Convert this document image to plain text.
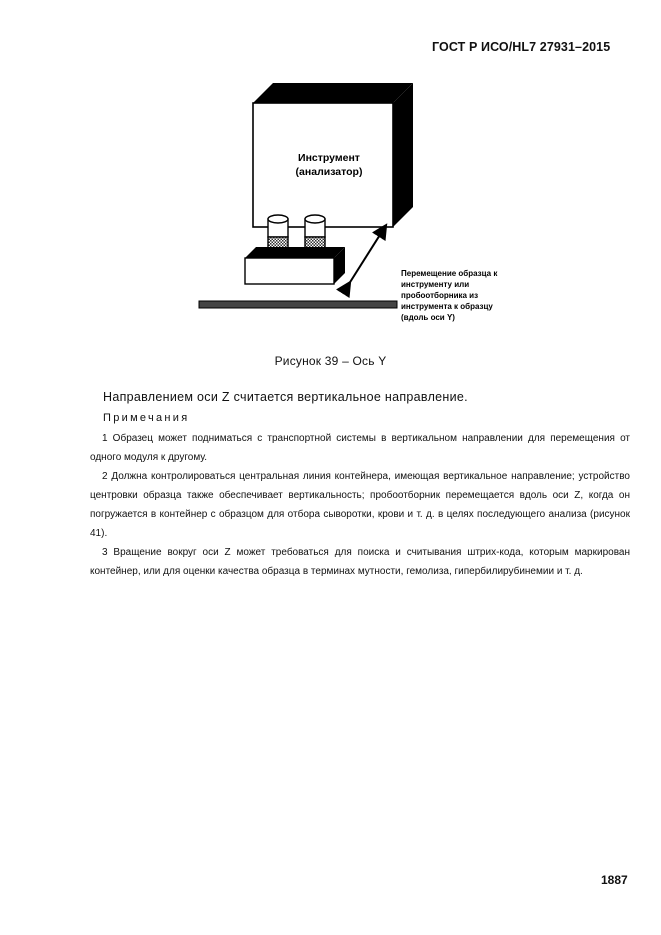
ГОСТ Р ИСО/HL7 27931–2015
Инструмент
(анализатор)
Перемещение образца к
инструменту или
пробоотборника из
инструмента к образцу
(вдоль оси Y)
Рисунок 39 – Ось Y
Направлением оси Z считается вертикальное направление.
Примечания

1 Образец может подниматься с транспортной системы в вертикальном направлении для перемещения от одного модуля к другому.

2 Должна контролироваться центральная линия контейнера, имеющая вертикальное направление; устройство центровки образца также обеспечивает вертикальность; пробоотборник перемещается вдоль оси Z, когда он погружается в контейнер с образцом для отбора сыворотки, крови и т. д. в целях последующего анализа (рисунок 41).

3 Вращение вокруг оси Z может требоваться для поиска и считывания штрих-кода, которым маркирован контейнер, или для оценки качества образца в терминах мутности, гемолиза, гипербилирубинемии и т. д.

1887
